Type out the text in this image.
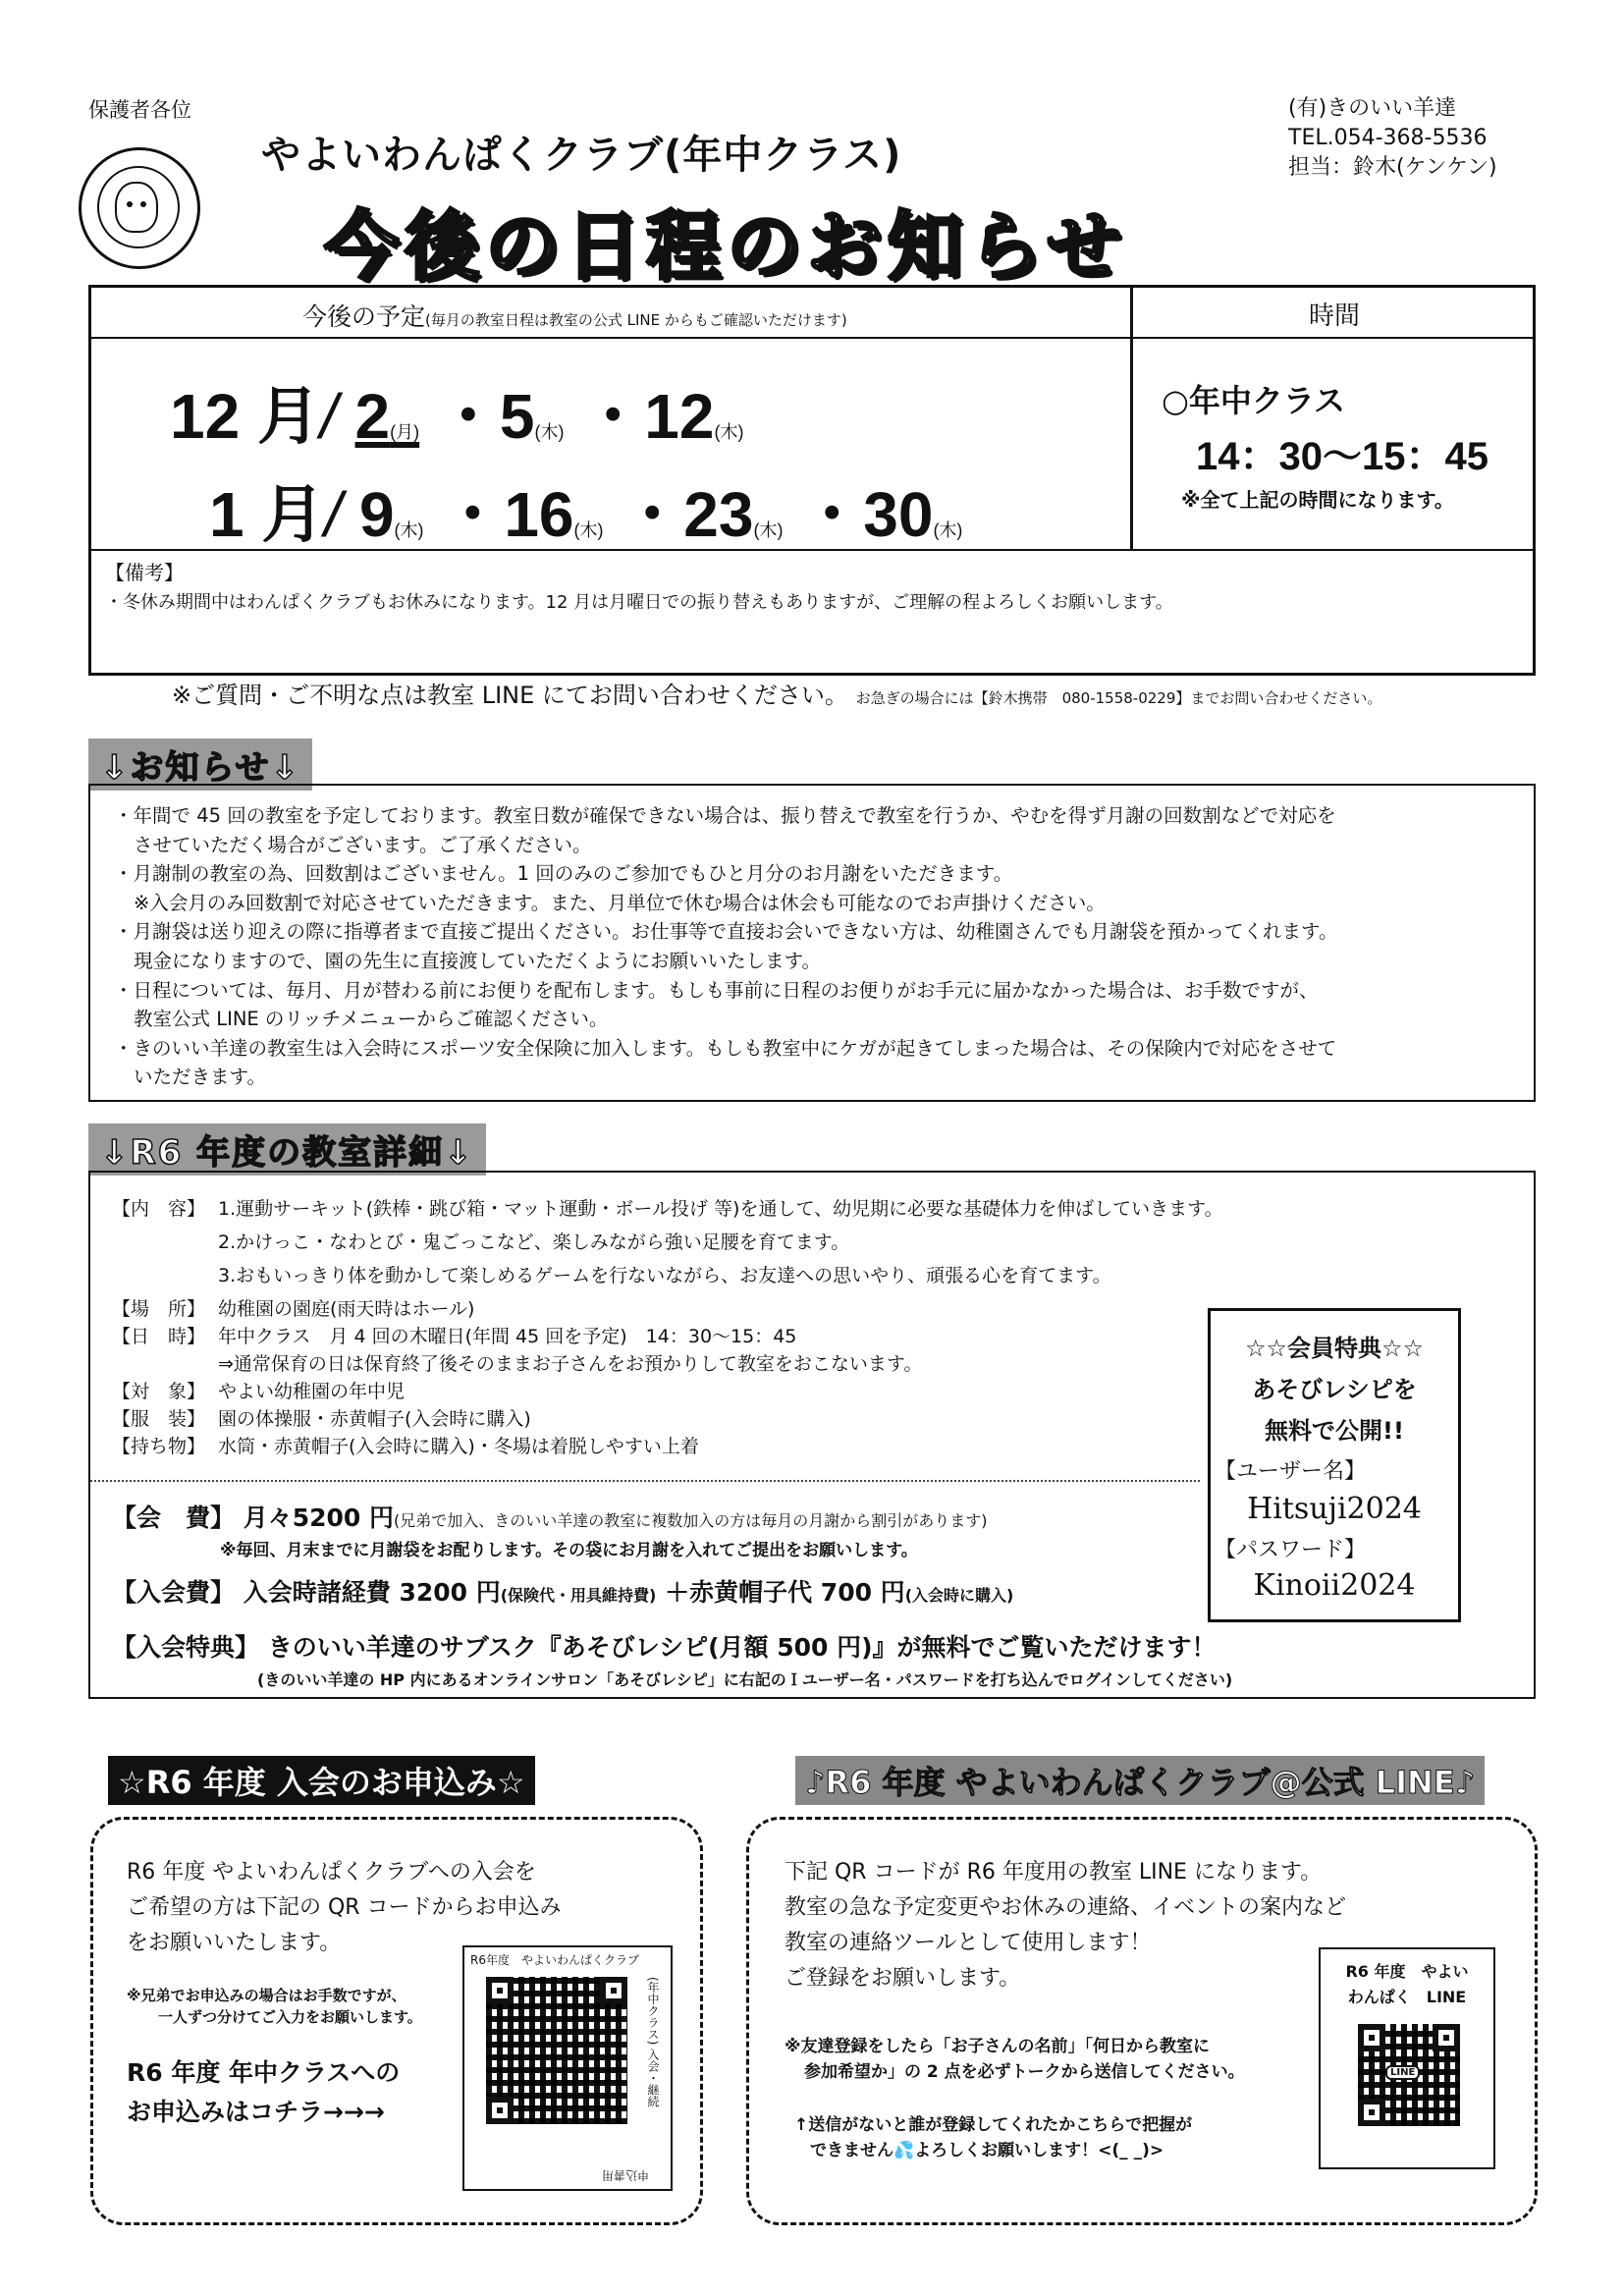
保護者各位
やよいわんぱくクラブ(年中クラス)
今後の日程のお知らせ
(有)きのいい羊達
TEL.054-368-5536
担当：鈴木(ケンケン)
今後の予定(毎月の教室日程は教室の公式 LINE からもご確認いただけます)	時間
12 月/ 2(月) ・5(木) ・12(木)
1 月/ 9(木) ・16(木) ・23(木) ・30(木)
○年中クラス
14：30～15：45
※全て上記の時間になります。
【備考】
・冬休み期間中はわんぱくクラブもお休みになります。12 月は月曜日での振り替えもありますが、ご理解の程よろしくお願いします。
※ご質問・ご不明な点は教室 LINE にてお問い合わせください。 お急ぎの場合には【鈴木携帯　080-1558-0229】までお問い合わせください。
↓お知らせ↓
・年間で 45 回の教室を予定しております。教室日数が確保できない場合は、振り替えで教室を行うか、やむを得ず月謝の回数割などで対応を
させていただく場合がございます。ご了承ください。
・月謝制の教室の為、回数割はございません。1 回のみのご参加でもひと月分のお月謝をいただきます。
※入会月のみ回数割で対応させていただきます。また、月単位で休む場合は休会も可能なのでお声掛けください。
・月謝袋は送り迎えの際に指導者まで直接ご提出ください。お仕事等で直接お会いできない方は、幼稚園さんでも月謝袋を預かってくれます。
現金になりますので、園の先生に直接渡していただくようにお願いいたします。
・日程については、毎月、月が替わる前にお便りを配布します。もしも事前に日程のお便りがお手元に届かなかった場合は、お手数ですが、
教室公式 LINE のリッチメニューからご確認ください。
・きのいい羊達の教室生は入会時にスポーツ安全保険に加入します。もしも教室中にケガが起きてしまった場合は、その保険内で対応をさせて
いただきます。
↓R6 年度の教室詳細↓
【内　容】 1.運動サーキット(鉄棒・跳び箱・マット運動・ボール投げ 等)を通して、幼児期に必要な基礎体力を伸ばしていきます。
2.かけっこ・なわとび・鬼ごっこなど、楽しみながら強い足腰を育てます。
3.おもいっきり体を動かして楽しめるゲームを行ないながら、お友達への思いやり、頑張る心を育てます。
【場　所】 幼稚園の園庭(雨天時はホール)
【日　時】 年中クラス　月 4 回の木曜日(年間 45 回を予定)　14：30～15：45
⇒通常保育の日は保育終了後そのままお子さんをお預かりして教室をおこないます。
【対　象】 やよい幼稚園の年中児
【服　装】 園の体操服・赤黄帽子(入会時に購入)
【持ち物】 水筒・赤黄帽子(入会時に購入)・冬場は着脱しやすい上着
【会　費】 月々5200 円(兄弟で加入、きのいい羊達の教室に複数加入の方は毎月の月謝から割引があります)
※毎回、月末までに月謝袋をお配りします。その袋にお月謝を入れてご提出をお願いします。
【入会費】 入会時諸経費 3200 円(保険代・用具維持費) ＋赤黄帽子代 700 円(入会時に購入)
【入会特典】 きのいい羊達のサブスク『あそびレシピ(月額 500 円)』が無料でご覧いただけます！
(きのいい羊達の HP 内にあるオンラインサロン「あそびレシピ」に右記のＩユーザー名・パスワードを打ち込んでログインしてください)
☆☆会員特典☆☆
あそびレシピを
無料で公開!!
【ユーザー名】
Hitsuji2024
【パスワード】
Kinoii2024
☆R6 年度 入会のお申込み☆
R6 年度 やよいわんぱくクラブへの入会を
ご希望の方は下記の QR コードからお申込み
をお願いいたします。
※兄弟でお申込みの場合はお手数ですが、
一人ずつ分けてご入力をお願いします。
R6 年度 年中クラスへの
お申込みはコチラ→→→
R6年度　やよいわんぱくクラブ
(年中クラス) 入会・継続
申込書用
♪R6 年度 やよいわんぱくクラブ@公式 LINE♪
下記 QR コードが R6 年度用の教室 LINE になります。
教室の急な予定変更やお休みの連絡、イベントの案内など
教室の連絡ツールとして使用します！
ご登録をお願いします。
※友達登録をしたら「お子さんの名前」「何日から教室に
参加希望か」の 2 点を必ずトークから送信してください。
↑送信がないと誰が登録してくれたかこちらで把握が
できません💦よろしくお願いします！<(_ _)>
R6 年度　やよい
わんぱく　LINE
LINE
